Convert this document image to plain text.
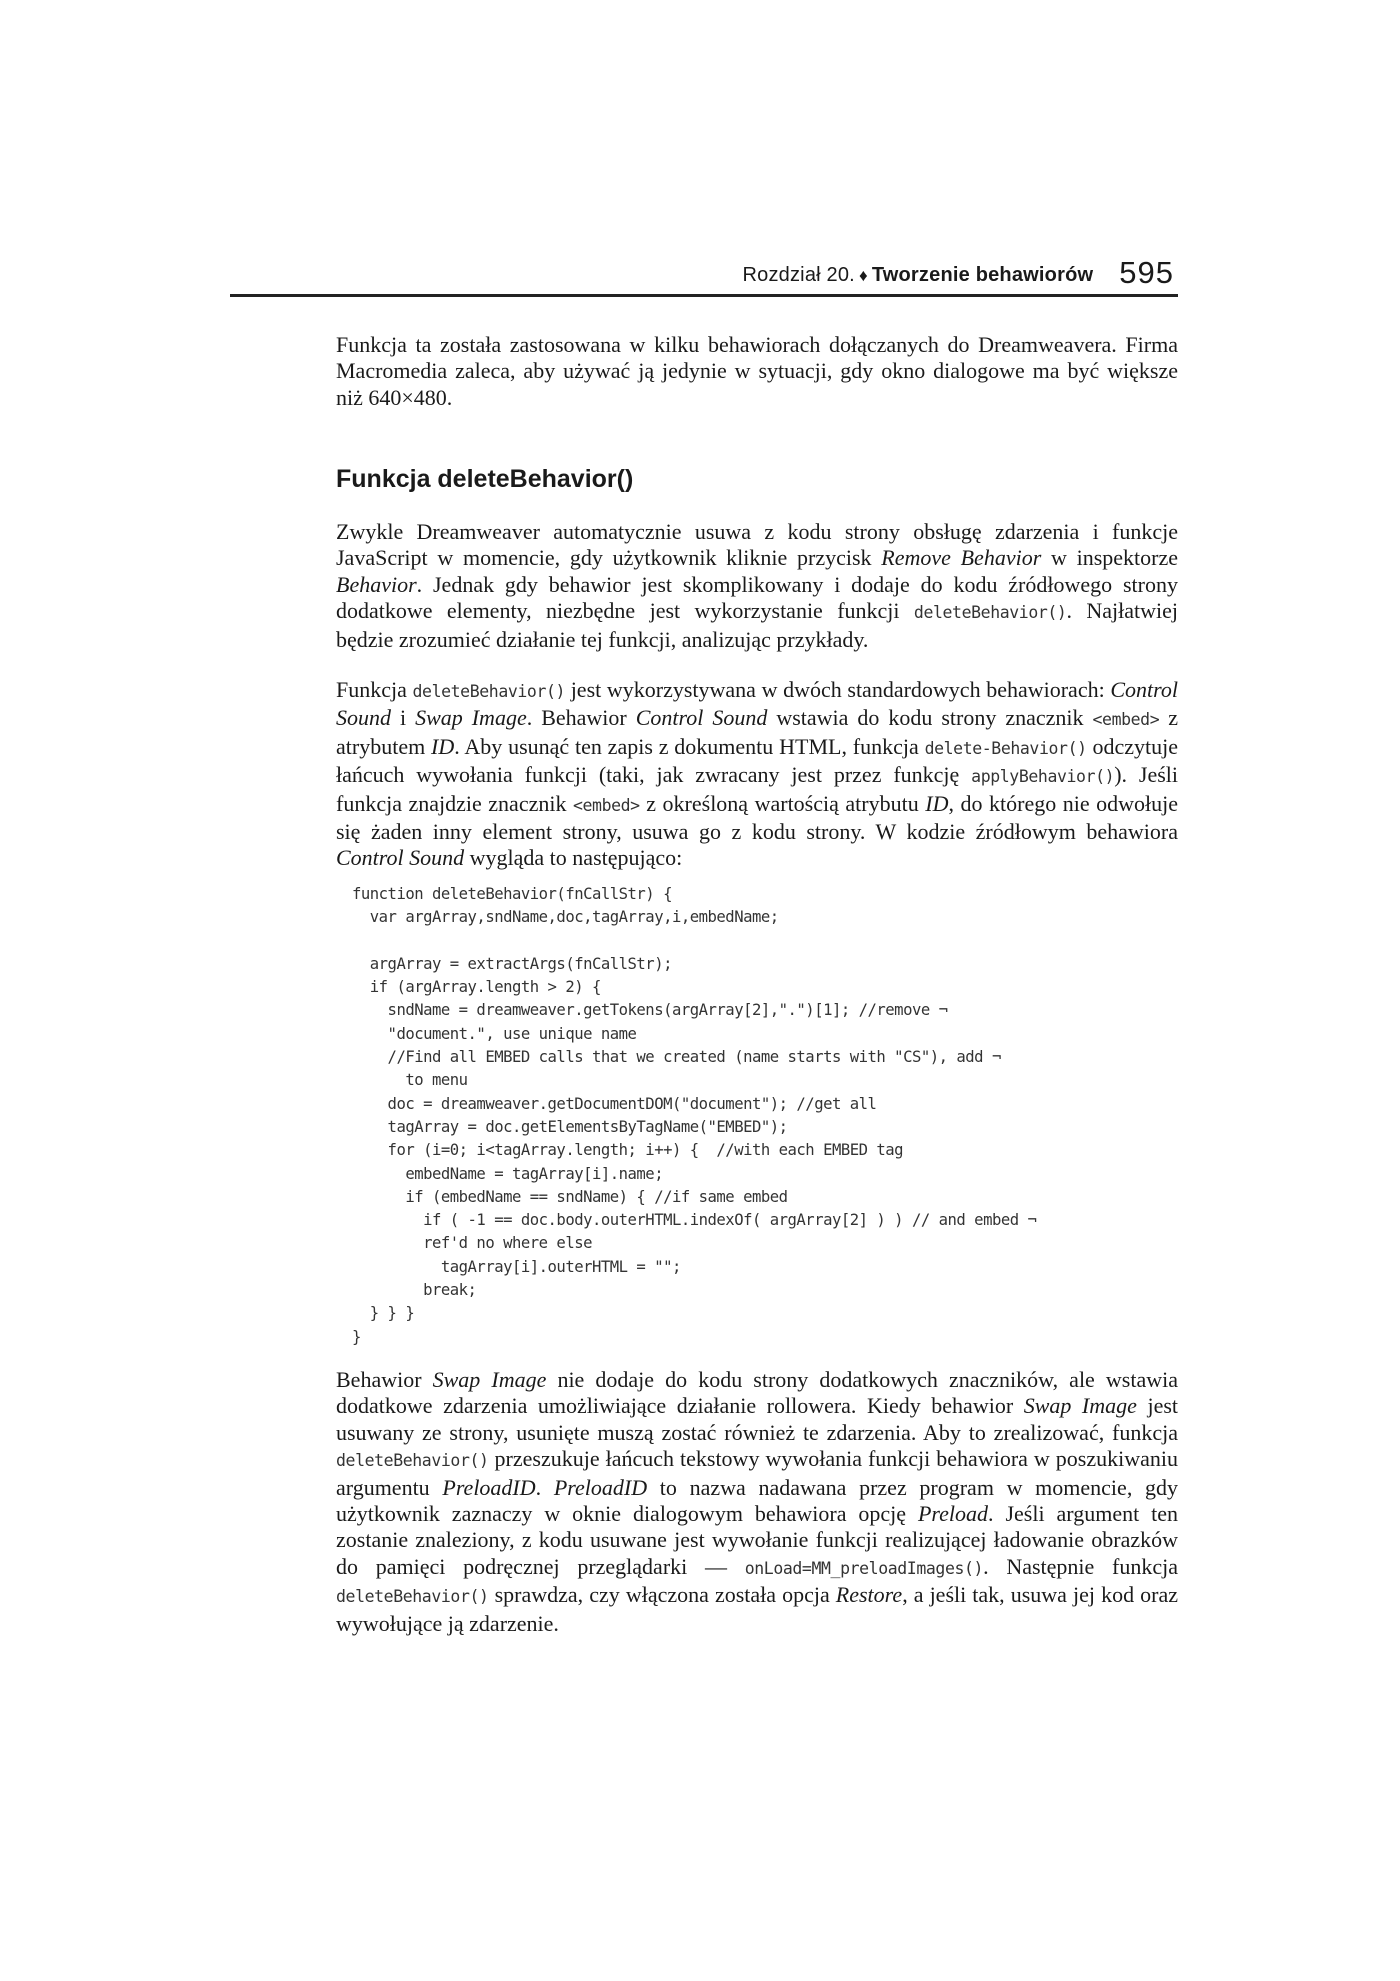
Rozdział 20. ♦ Tworzenie behawiorów 595

Funkcja ta została zastosowana w kilku behawiorach dołączanych do Dreamweavera. Firma Macromedia zaleca, aby używać ją jedynie w sytuacji, gdy okno dialogowe ma być większe niż 640×480.

Funkcja deleteBehavior()

Zwykle Dreamweaver automatycznie usuwa z kodu strony obsługę zdarzenia i funkcje JavaScript w momencie, gdy użytkownik kliknie przycisk Remove Behavior w inspektorze Behavior. Jednak gdy behawior jest skomplikowany i dodaje do kodu źródłowego strony dodatkowe elementy, niezbędne jest wykorzystanie funkcji deleteBehavior(). Najłatwiej będzie zrozumieć działanie tej funkcji, analizując przykłady.

Funkcja deleteBehavior() jest wykorzystywana w dwóch standardowych behawiorach: Control Sound i Swap Image. Behawior Control Sound wstawia do kodu strony znacznik <embed> z atrybutem ID. Aby usunąć ten zapis z dokumentu HTML, funkcja delete-Behavior() odczytuje łańcuch wywołania funkcji (taki, jak zwracany jest przez funkcję applyBehavior()). Jeśli funkcja znajdzie znacznik <embed> z określoną wartością atrybutu ID, do którego nie odwołuje się żaden inny element strony, usuwa go z kodu strony. W kodzie źródłowym behawiora Control Sound wygląda to następująco:

function deleteBehavior(fnCallStr) {
var argArray,sndName,doc,tagArray,i,embedName;
argArray = extractArgs(fnCallStr);
if (argArray.length > 2) {
sndName = dreamweaver.getTokens(argArray[2],".")[1]; //remove ¬
"document.", use unique name
//Find all EMBED calls that we created (name starts with "CS"), add ¬
to menu
doc = dreamweaver.getDocumentDOM("document"); //get all
tagArray = doc.getElementsByTagName("EMBED");
for (i=0; i<tagArray.length; i++) {  //with each EMBED tag
embedName = tagArray[i].name;
if (embedName == sndName) { //if same embed
if ( -1 == doc.body.outerHTML.indexOf( argArray[2] ) ) // and embed ¬
ref'd no where else
tagArray[i].outerHTML = "";
break;
} } }
}

Behawior Swap Image nie dodaje do kodu strony dodatkowych znaczników, ale wstawia dodatkowe zdarzenia umożliwiające działanie rollowera. Kiedy behawior Swap Image jest usuwany ze strony, usunięte muszą zostać również te zdarzenia. Aby to zrealizować, funkcja deleteBehavior() przeszukuje łańcuch tekstowy wywołania funkcji behawiora w poszukiwaniu argumentu PreloadID. PreloadID to nazwa nadawana przez program w momencie, gdy użytkownik zaznaczy w oknie dialogowym behawiora opcję Preload. Jeśli argument ten zostanie znaleziony, z kodu usuwane jest wywołanie funkcji realizującej ładowanie obrazków do pamięci podręcznej przeglądarki — onLoad=MM_preloadImages(). Następnie funkcja deleteBehavior() sprawdza, czy włączona została opcja Restore, a jeśli tak, usuwa jej kod oraz wywołujące ją zdarzenie.
